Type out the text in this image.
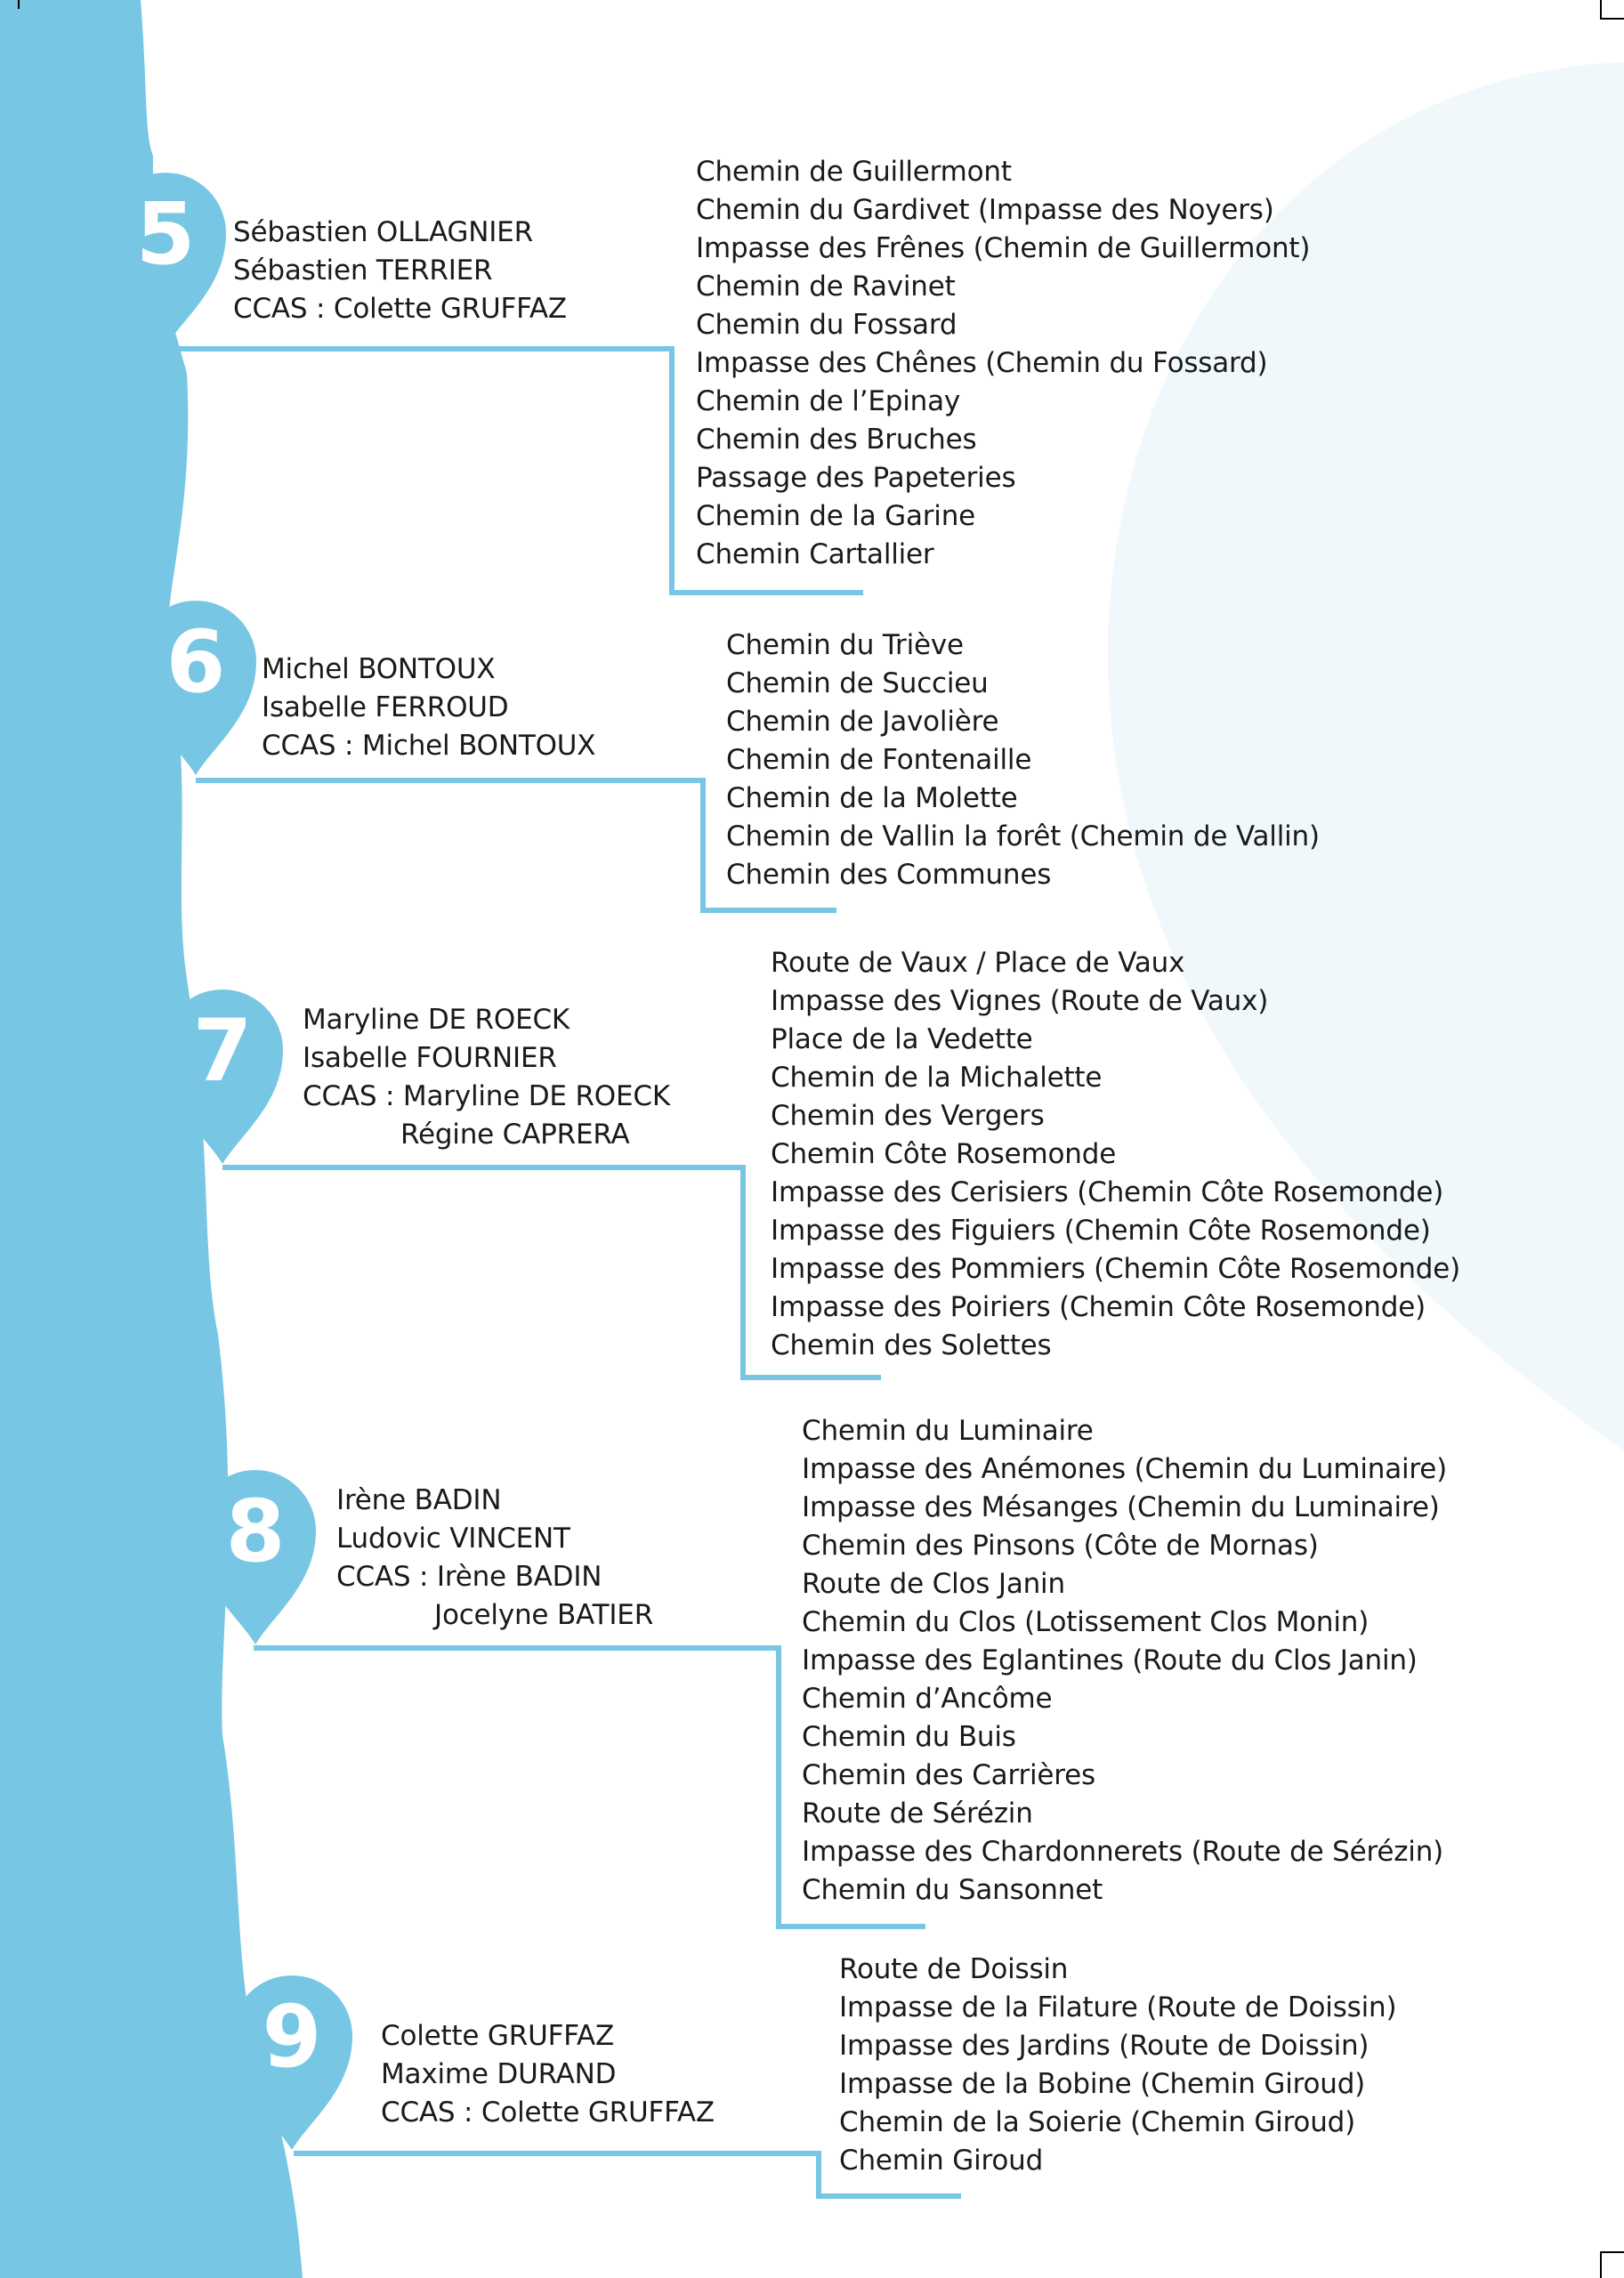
5
6
7
8
9
Sébastien OLLAGNIER
Sébastien TERRIER
CCAS : Colette GRUFFAZ
Chemin de Guillermont
Chemin du Gardivet (Impasse des Noyers)
Impasse des Frênes (Chemin de Guillermont)
Chemin de Ravinet
Chemin du Fossard
Impasse des Chênes (Chemin du Fossard)
Chemin de l’Epinay
Chemin des Bruches
Passage des Papeteries
Chemin de la Garine
Chemin Cartallier
Michel BONTOUX
Isabelle FERROUD
CCAS : Michel BONTOUX
Chemin du Triève
Chemin de Succieu
Chemin de Javolière
Chemin de Fontenaille
Chemin de la Molette
Chemin de Vallin la forêt (Chemin de Vallin)
Chemin des Communes
Maryline DE ROECK
Isabelle FOURNIER
CCAS : Maryline DE ROECK
Régine CAPRERA
Route de Vaux / Place de Vaux
Impasse des Vignes (Route de Vaux)
Place de la Vedette
Chemin de la Michalette
Chemin des Vergers
Chemin Côte Rosemonde
Impasse des Cerisiers (Chemin Côte Rosemonde)
Impasse des Figuiers (Chemin Côte Rosemonde)
Impasse des Pommiers (Chemin Côte Rosemonde)
Impasse des Poiriers (Chemin Côte Rosemonde)
Chemin des Solettes
Irène BADIN
Ludovic VINCENT
CCAS : Irène BADIN
Jocelyne BATIER
Chemin du Luminaire
Impasse des Anémones (Chemin du Luminaire)
Impasse des Mésanges (Chemin du Luminaire)
Chemin des Pinsons (Côte de Mornas)
Route de Clos Janin
Chemin du Clos (Lotissement Clos Monin)
Impasse des Eglantines (Route du Clos Janin)
Chemin d’Ancôme
Chemin du Buis
Chemin des Carrières
Route de Sérézin
Impasse des Chardonnerets (Route de Sérézin)
Chemin du Sansonnet
Colette GRUFFAZ
Maxime DURAND
CCAS : Colette GRUFFAZ
Route de Doissin
Impasse de la Filature (Route de Doissin)
Impasse des Jardins (Route de Doissin)
Impasse de la Bobine (Chemin Giroud)
Chemin de la Soierie (Chemin Giroud)
Chemin Giroud
